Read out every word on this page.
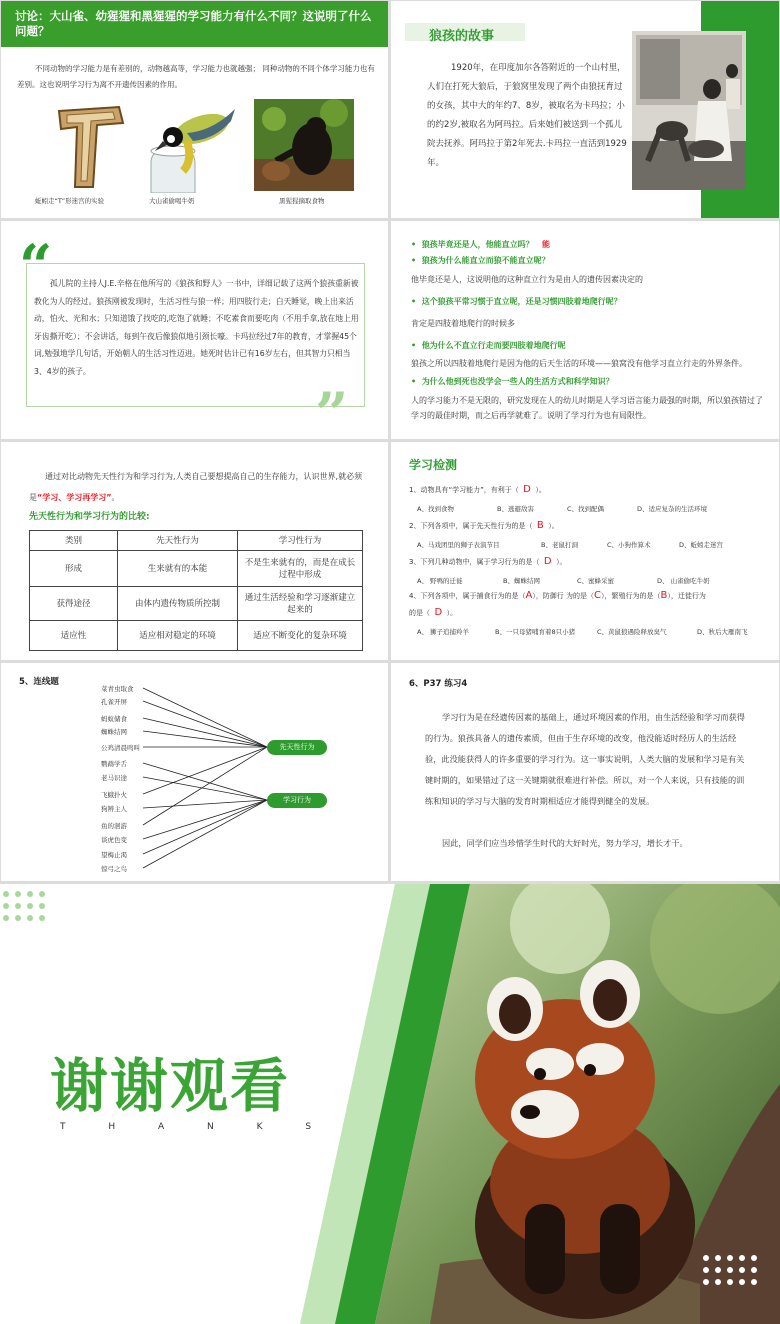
讨论：大山雀、幼猩猩和黑猩猩的学习能力有什么不同？这说明了什么问题？
不同动物的学习能力是有差别的，动物越高等，学习能力也就越强； 同种动物的不同个体学习能力也有差别。这也说明学习行为离不开遗传因素的作用。
蚯蚓走“T”形迷宫的实验	大山雀偷喝牛奶	黑猩猩摘取食物
狼孩的故事
1920年，在印度加尔各答附近的一个山村里，人们在打死大狼后，于狼窝里发现了两个由狼抚育过的女孩，其中大的年约7、8岁，被取名为卡玛拉；小的约2岁,被取名为阿玛拉。后来她们被送到一个孤儿院去抚养。阿玛拉于第2年死去.卡玛拉一直活到1929年。
“
孤儿院的主持人J.E.辛格在他所写的《狼孩和野人》一书中，详细记载了这两个狼孩重新被教化为人的经过。狼孩刚被发现时，生活习性与狼一样；用四肢行走；白天睡觉，晚上出来活动，怕火、光和水；只知道饿了找吃的,吃饱了就睡；不吃素食而要吃肉（不用手拿,放在地上用牙齿撕开吃）；不会讲话，每到午夜后像狼似地引颈长嚎。卡玛拉经过7年的教育，才掌握45个词,勉强地学几句话，开始朝人的生活习性迈进。她死时估计已有16岁左右，但其智力只相当3、4岁的孩子。
”
•  狼孩毕竟还是人，他能直立吗？ 能
•  狼孩为什么能直立而狼不能直立呢？
他毕竟还是人，这说明他的这种直立行为是由人的遗传因素决定的
•  这个狼孩平常习惯于直立呢，还是习惯四肢着地爬行呢？
肯定是四肢着地爬行的时候多
•  他为什么不直立行走而要四肢着地爬行呢
狼孩之所以四肢着地爬行是因为他的后天生活的环境——狼窝没有他学习直立行走的外界条件。
•  为什么他到死也没学会一些人的生活方式和科学知识？
人的学习能力不是无限的，研究发现在人的幼儿时期是人学习语言能力最强的时期，所以狼孩错过了学习的最佳时期，而之后再学就难了。说明了学习行为也有局限性。
通过对比动物先天性行为和学习行为,人类自己要想提高自己的生存能力，认识世界,就必须是“学习、学习再学习”。
先天性行为和学习行为的比较:
类别	先天性行为	学习性行为
形成	生来就有的本能	不是生来就有的，而是在成长过程中形成
获得途径	由体内遗传物质所控制	通过生活经验和学习逐渐建立起来的
适应性	适应相对稳定的环境	适应不断变化的复杂环境
学习检测
1、动物具有“学习能力”，有利于（ D ）。
A、找到食物	B、逃避敌害	C、找到配偶	D、适应复杂的生活环境
2、下列各项中，属于先天性行为的是（ B ）。
A、马戏团里的狮子表演节目	B、老鼠打洞	C、小狗作算术	D、蚯蚓走迷宫
3、下列几种动物中，属于学习行为的是（ D ）。
A、 野鸭的迁徙	B、蜘蛛结网	C、蜜蜂采蜜	D、 山雀偷吃牛奶
4、下列各项中，属于捕食行为的是（A），防御行 为的是（C），繁殖行为的是（B），迁徙行为
的是（ D ）。
A、 狮子追捕羚羊	B、一只母猪哺育着8只小猪	C、黄鼠狼遇险释放臭气	D、秋后大雁南飞
5、连线题
菜青虫取食
孔雀开屏
蚂蚁储食
蜘蛛结网
公鸡清晨鸣叫
鹦鹉学舌
老马识途
飞蛾扑火
狗辨主人
鱼的洄游
谈虎色变
望梅止渴
惊弓之鸟
先天性行为
学习行为
6、P37 练习4
学习行为是在经遗传因素的基础上，通过环境因素的作用，由生活经验和学习而获得的行为。狼孩具备人的遗传素质，但由于生存环境的改变，他没能适时经历人的生活经验，此没能获得人的许多重要的学习行为。这一事实说明，人类大脑的发展和学习是有关键时期的，如果错过了这一关键期就很难进行补偿。所以，对一个人来说，只有技能的训练和知识的学习与大脑的发育时期相适应才能得到健全的发展。
因此，同学们应当珍惜学生时代的大好时光，努力学习，增长才干。
谢谢观看
T H A N K S
